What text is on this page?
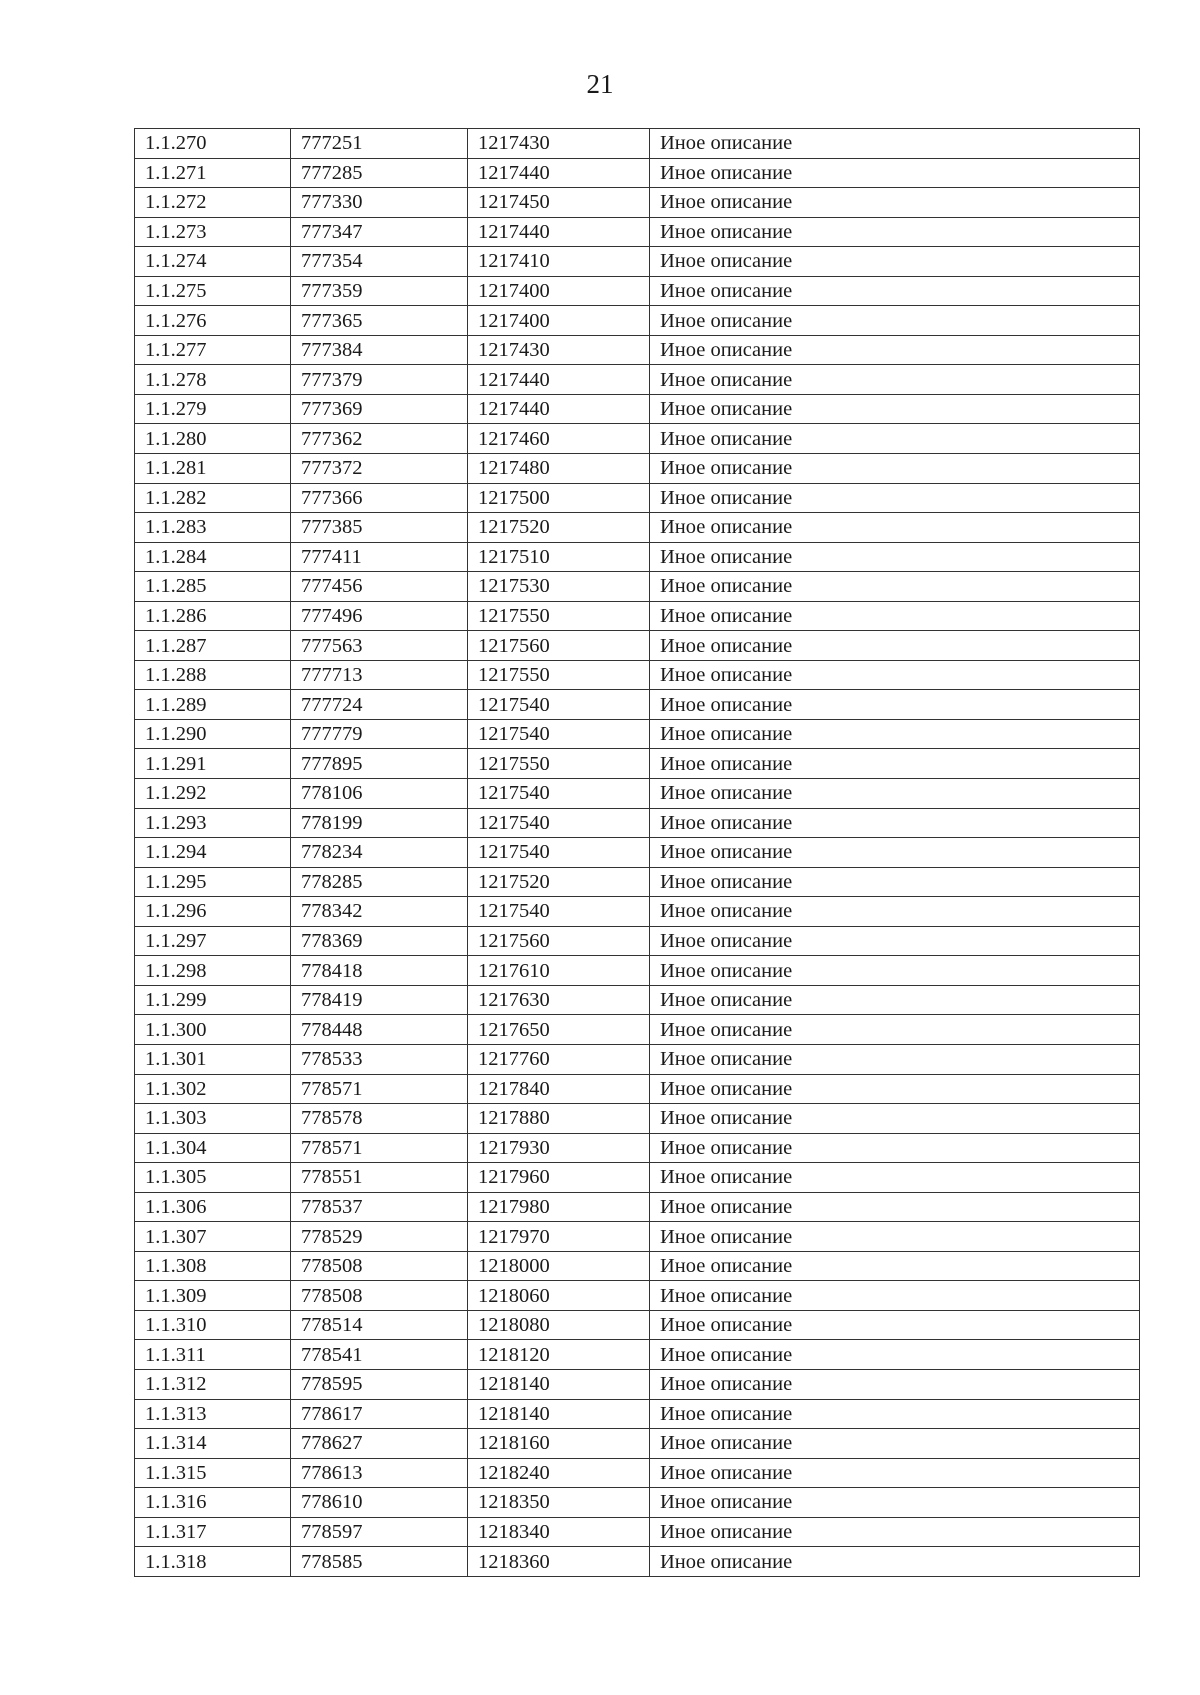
21
1.1.270	777251	1217430	Иное описание
1.1.271	777285	1217440	Иное описание
1.1.272	777330	1217450	Иное описание
1.1.273	777347	1217440	Иное описание
1.1.274	777354	1217410	Иное описание
1.1.275	777359	1217400	Иное описание
1.1.276	777365	1217400	Иное описание
1.1.277	777384	1217430	Иное описание
1.1.278	777379	1217440	Иное описание
1.1.279	777369	1217440	Иное описание
1.1.280	777362	1217460	Иное описание
1.1.281	777372	1217480	Иное описание
1.1.282	777366	1217500	Иное описание
1.1.283	777385	1217520	Иное описание
1.1.284	777411	1217510	Иное описание
1.1.285	777456	1217530	Иное описание
1.1.286	777496	1217550	Иное описание
1.1.287	777563	1217560	Иное описание
1.1.288	777713	1217550	Иное описание
1.1.289	777724	1217540	Иное описание
1.1.290	777779	1217540	Иное описание
1.1.291	777895	1217550	Иное описание
1.1.292	778106	1217540	Иное описание
1.1.293	778199	1217540	Иное описание
1.1.294	778234	1217540	Иное описание
1.1.295	778285	1217520	Иное описание
1.1.296	778342	1217540	Иное описание
1.1.297	778369	1217560	Иное описание
1.1.298	778418	1217610	Иное описание
1.1.299	778419	1217630	Иное описание
1.1.300	778448	1217650	Иное описание
1.1.301	778533	1217760	Иное описание
1.1.302	778571	1217840	Иное описание
1.1.303	778578	1217880	Иное описание
1.1.304	778571	1217930	Иное описание
1.1.305	778551	1217960	Иное описание
1.1.306	778537	1217980	Иное описание
1.1.307	778529	1217970	Иное описание
1.1.308	778508	1218000	Иное описание
1.1.309	778508	1218060	Иное описание
1.1.310	778514	1218080	Иное описание
1.1.311	778541	1218120	Иное описание
1.1.312	778595	1218140	Иное описание
1.1.313	778617	1218140	Иное описание
1.1.314	778627	1218160	Иное описание
1.1.315	778613	1218240	Иное описание
1.1.316	778610	1218350	Иное описание
1.1.317	778597	1218340	Иное описание
1.1.318	778585	1218360	Иное описание
